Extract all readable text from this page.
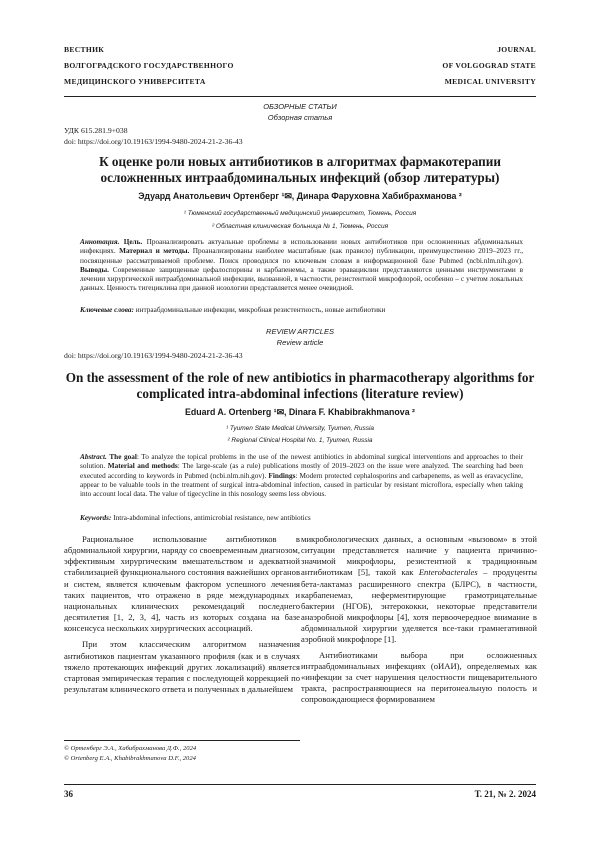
ВЕСТНИК
ВОЛГОГРАДСКОГО ГОСУДАРСТВЕННОГО
МЕДИЦИНСКОГО УНИВЕРСИТЕТА
JOURNAL
OF VOLGOGRAD STATE
MEDICAL UNIVERSITY
ОБЗОРНЫЕ СТАТЬИ
Обзорная статья
УДК 615.281.9+038
doi: https://doi.org/10.19163/1994-9480-2024-21-2-36-43
К оценке роли новых антибиотиков в алгоритмах фармакотерапии осложненных интраабдоминальных инфекций (обзор литературы)
Эдуард Анатольевич Ортенберг ¹✉, Динара Фаруховна Хабибрахманова ²
¹ Тюменский государственный медицинский университет, Тюмень, Россия
² Областная клиническая больница № 1, Тюмень, Россия
Аннотация. Цель. Проанализировать актуальные проблемы в использовании новых антибиотиков при осложненных абдоминальных инфекциях. Материал и методы. Проанализированы наиболее масштабные (как правило) публикации, преимущественно 2019–2023 гг., посвященные рассматриваемой проблеме. Поиск проводился по ключевым словам в информационной базе Pubmed (ncbi.nlm.nih.gov). Выводы. Современные защищенные цефалоспорины и карбапенемы, а также эравациклин представляются ценными инструментами в лечении хирургической интраабдоминальной инфекции, вызванной, в частности, резистентной микрофлорой, особенно – с учетом локальных данных. Ценность тигециклина при данной нозологии представляется менее очевидной.
Ключевые слова: интраабдоминальные инфекции, микробная резистентность, новые антибиотики
REVIEW ARTICLES
Review article
doi: https://doi.org/10.19163/1994-9480-2024-21-2-36-43
On the assessment of the role of new antibiotics in pharmacotherapy algorithms for complicated intra-abdominal infections (literature review)
Eduard A. Ortenberg ¹✉, Dinara F. Khabibrakhmanova ²
¹ Tyumen State Medical University, Tyumen, Russia
² Regional Clinical Hospital No. 1, Tyumen, Russia
Abstract. The goal: To analyze the topical problems in the use of the newest antibiotics in abdominal surgical interventions and approaches to their solution. Material and methods: The large-scale (as a rule) publications mostly of 2019–2023 on the issue were analyzed. The searching had been executed according to keywords in Pubmed (ncbi.nlm.nih.gov). Findings: Modern protected cephalosporins and carbapenems, as well as eravacycline, appear to be valuable tools in the treatment of surgical intra-abdominal infection, caused in particular by resistant microflora, especially when taking into account local data. The value of tigecycline in this nosology seems less obvious.
Keywords: Intra-abdominal infections, antimicrobial resistance, new antibiotics

Рациональное использование антибиотиков в абдоминальной хирургии, наряду со своевременным диагнозом, эффективным хирургическим вмешательством и адекватной стабилизацией функционального состояния важнейших органов и систем, является ключевым фактором успешного лечения таких пациентов, что отражено в ряде международных и национальных клинических рекомендаций последнего десятилетия [1, 2, 3, 4], часть из которых создана на базе консенсуса нескольких хирургических ассоциаций.

При этом классическим алгоритмом назначения антибиотиков пациентам указанного профиля (как и в случаях тяжело протекающих инфекций других локализаций) является стартовая эмпирическая терапия с последующей коррекцией по результатам клинического ответа и полученных в дальнейшем

микробиологических данных, а основным «вызовом» в этой ситуации представляется наличие у пациента причинно-значимой микрофлоры, резистентной к традиционным антибиотикам [5], такой как Enterobacterales – продуценты бета-лактамаз расширенного спектра (БЛРС), в частности, карбапенемаз, неферментирующие грамотрицательные бактерии (НГОБ), энтерококки, некоторые представители анаэробной микрофлоры [4], хотя первоочередное внимание в абдоминальной хирургии уделяется все-таки грамнегативной аэробной микрофлоре [1].

Антибиотиками выбора при осложненных интраабдоминальных инфекциях (оИАИ), определяемых как «инфекции за счет нарушения целостности пищеварительного тракта, распространяющиеся на перитонеальную полость и сопровождающиеся формированием

© Ортенберг Э.А., Хабибрахманова Д.Ф., 2024
© Ortenberg E.A., Khabibrakhmanova D.F., 2024
36	Т. 21, № 2. 2024
